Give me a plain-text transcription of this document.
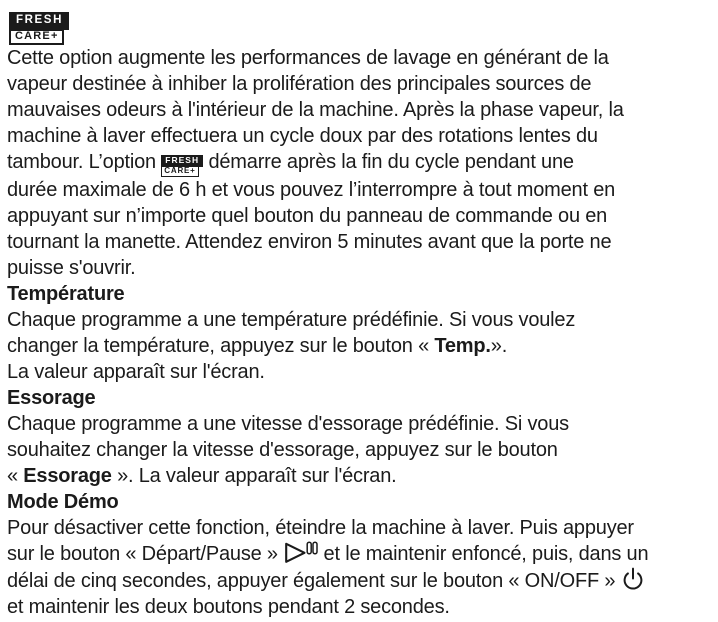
FRESH
CARE+
Cette option augmente les performances de lavage en générant de la
vapeur destinée à inhiber la prolifération des principales sources de
mauvaises odeurs à l'intérieur de la machine. Après la phase vapeur, la
machine à laver effectuera un cycle doux par des rotations lentes du
tambour. L’option FRESH
CARE+ démarre après la fin du cycle pendant une
durée maximale de 6 h et vous pouvez l’interrompre à tout moment en
appuyant sur n’importe quel bouton du panneau de commande ou en
tournant la manette. Attendez environ 5 minutes avant que la porte ne
puisse s'ouvrir.
Température
Chaque programme a une température prédéfinie. Si vous voulez
changer la température, appuyez sur le bouton « Temp.».
La valeur apparaît sur l'écran.
Essorage
Chaque programme a une vitesse d'essorage prédéfinie. Si vous
souhaitez changer la vitesse d'essorage, appuyez sur le bouton
« Essorage ». La valeur apparaît sur l'écran.
Mode Démo
Pour désactiver cette fonction, éteindre la machine à laver. Puis appuyer
sur le bouton « Départ/Pause »  et le maintenir enfoncé, puis, dans un
délai de cinq secondes, appuyer également sur le bouton « ON/OFF »
et maintenir les deux boutons pendant 2 secondes.
